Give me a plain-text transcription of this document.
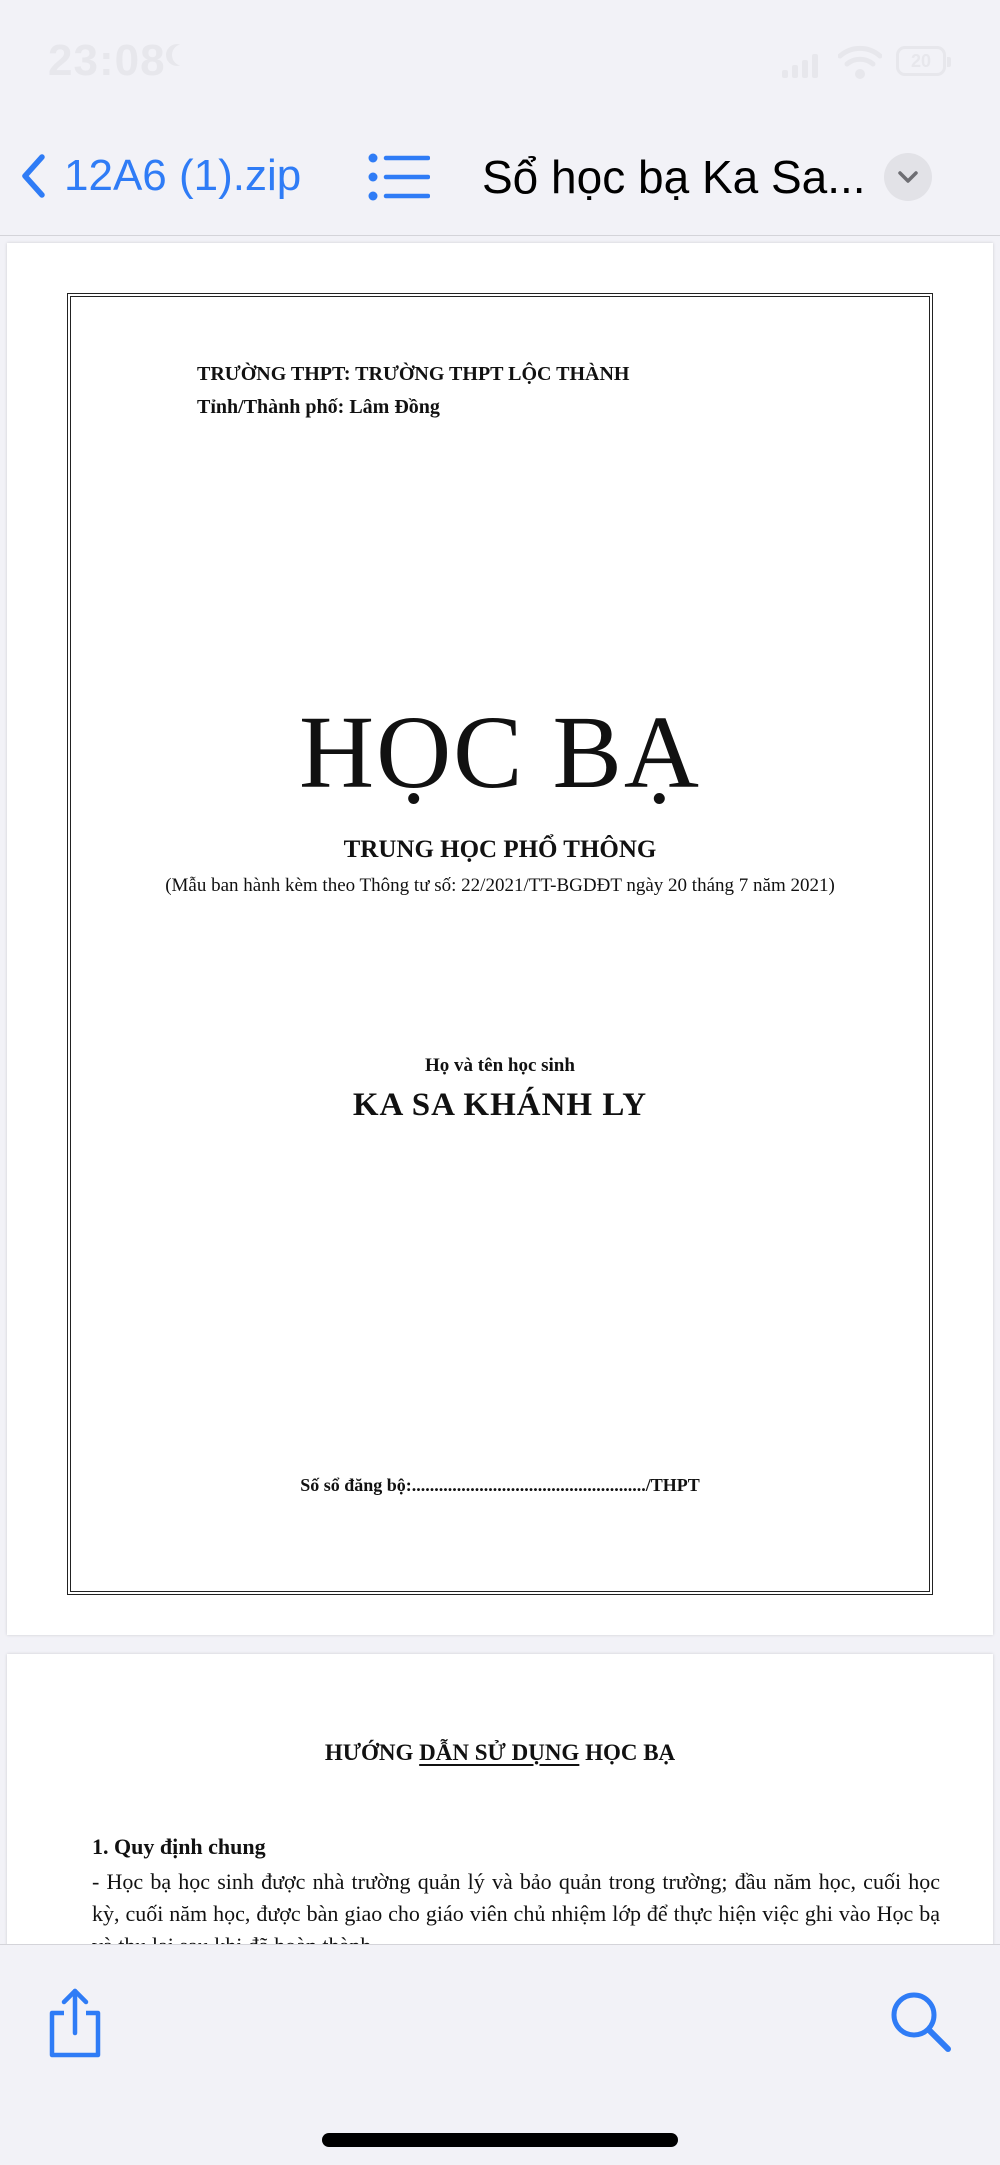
23:08	20
12A6 (1).zip	Sổ học bạ Ka Sa...
TRƯỜNG THPT: TRƯỜNG THPT LỘC THÀNH
Tỉnh/Thành phố: Lâm Đồng
HỌC BẠ
TRUNG HỌC PHỔ THÔNG
(Mẫu ban hành kèm theo Thông tư số: 22/2021/TT-BGDĐT ngày 20 tháng 7 năm 2021)
Họ và tên học sinh
KA SA KHÁNH LY
Số sổ đăng bộ:..................................................../THPT
HƯỚNG DẪN SỬ DỤNG HỌC BẠ
1. Quy định chung
- Học bạ học sinh được nhà trường quản lý và bảo quản trong trường; đầu năm học, cuối học kỳ, cuối năm học, được bàn giao cho giáo viên chủ nhiệm lớp để thực hiện việc ghi vào Học bạ
